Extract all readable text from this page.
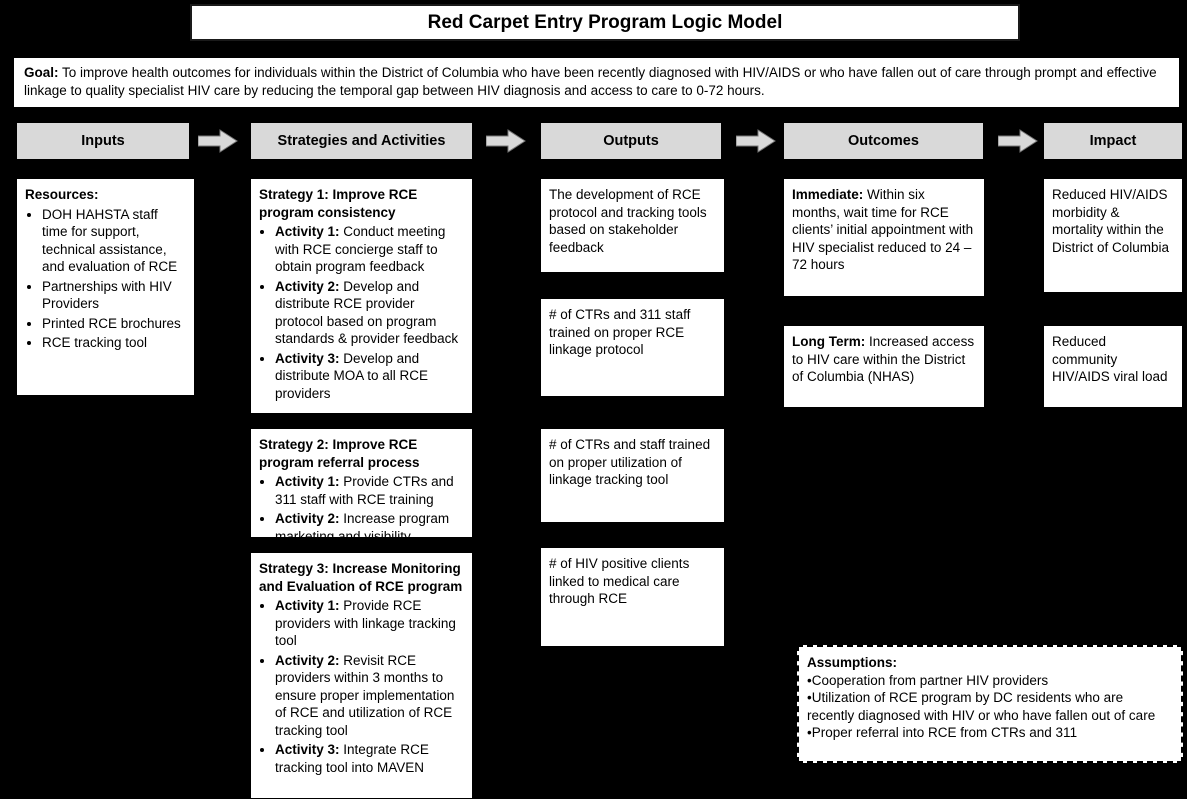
Red Carpet Entry Program Logic Model
Goal: To improve health outcomes for individuals within the District of Columbia who have been recently diagnosed with HIV/AIDS or who have fallen out of care through prompt and effective linkage to quality specialist HIV care by reducing the temporal gap between HIV diagnosis and access to care to 0-72 hours.
Inputs	Strategies and Activities	Outputs	Outcomes	Impact
Resources:
• DOH HAHSTA staff time for support, technical assistance, and evaluation of RCE
• Partnerships with HIV Providers
• Printed RCE brochures
• RCE tracking tool
Strategy 1: Improve RCE program consistency
• Activity 1: Conduct meeting with RCE concierge staff to obtain program feedback
• Activity 2: Develop and distribute RCE provider protocol based on program standards & provider feedback
• Activity 3: Develop and distribute MOA to all RCE providers
Strategy 2: Improve RCE program referral process
• Activity 1: Provide CTRs and 311 staff with RCE training
• Activity 2: Increase program marketing and visibility
Strategy 3: Increase Monitoring and Evaluation of RCE program
• Activity 1: Provide RCE providers with linkage tracking tool
• Activity 2: Revisit RCE providers within 3 months to ensure proper implementation of RCE and utilization of RCE tracking tool
• Activity 3: Integrate RCE tracking tool into MAVEN
The development of RCE protocol and tracking tools based on stakeholder feedback
# of CTRs and 311 staff trained on proper RCE linkage protocol
# of CTRs and staff trained on proper utilization of linkage tracking tool
# of HIV positive clients linked to medical care through RCE
Immediate: Within six months, wait time for RCE clients’ initial appointment with HIV specialist reduced to 24 – 72 hours
Long Term: Increased access to HIV care within the District of Columbia (NHAS)
Reduced HIV/AIDS morbidity & mortality within the District of Columbia
Reduced community HIV/AIDS viral load
Assumptions:

•Cooperation from partner HIV providers

•Utilization of RCE program by DC residents who are recently diagnosed with HIV or who have fallen out of care

•Proper referral into RCE from CTRs and 311
